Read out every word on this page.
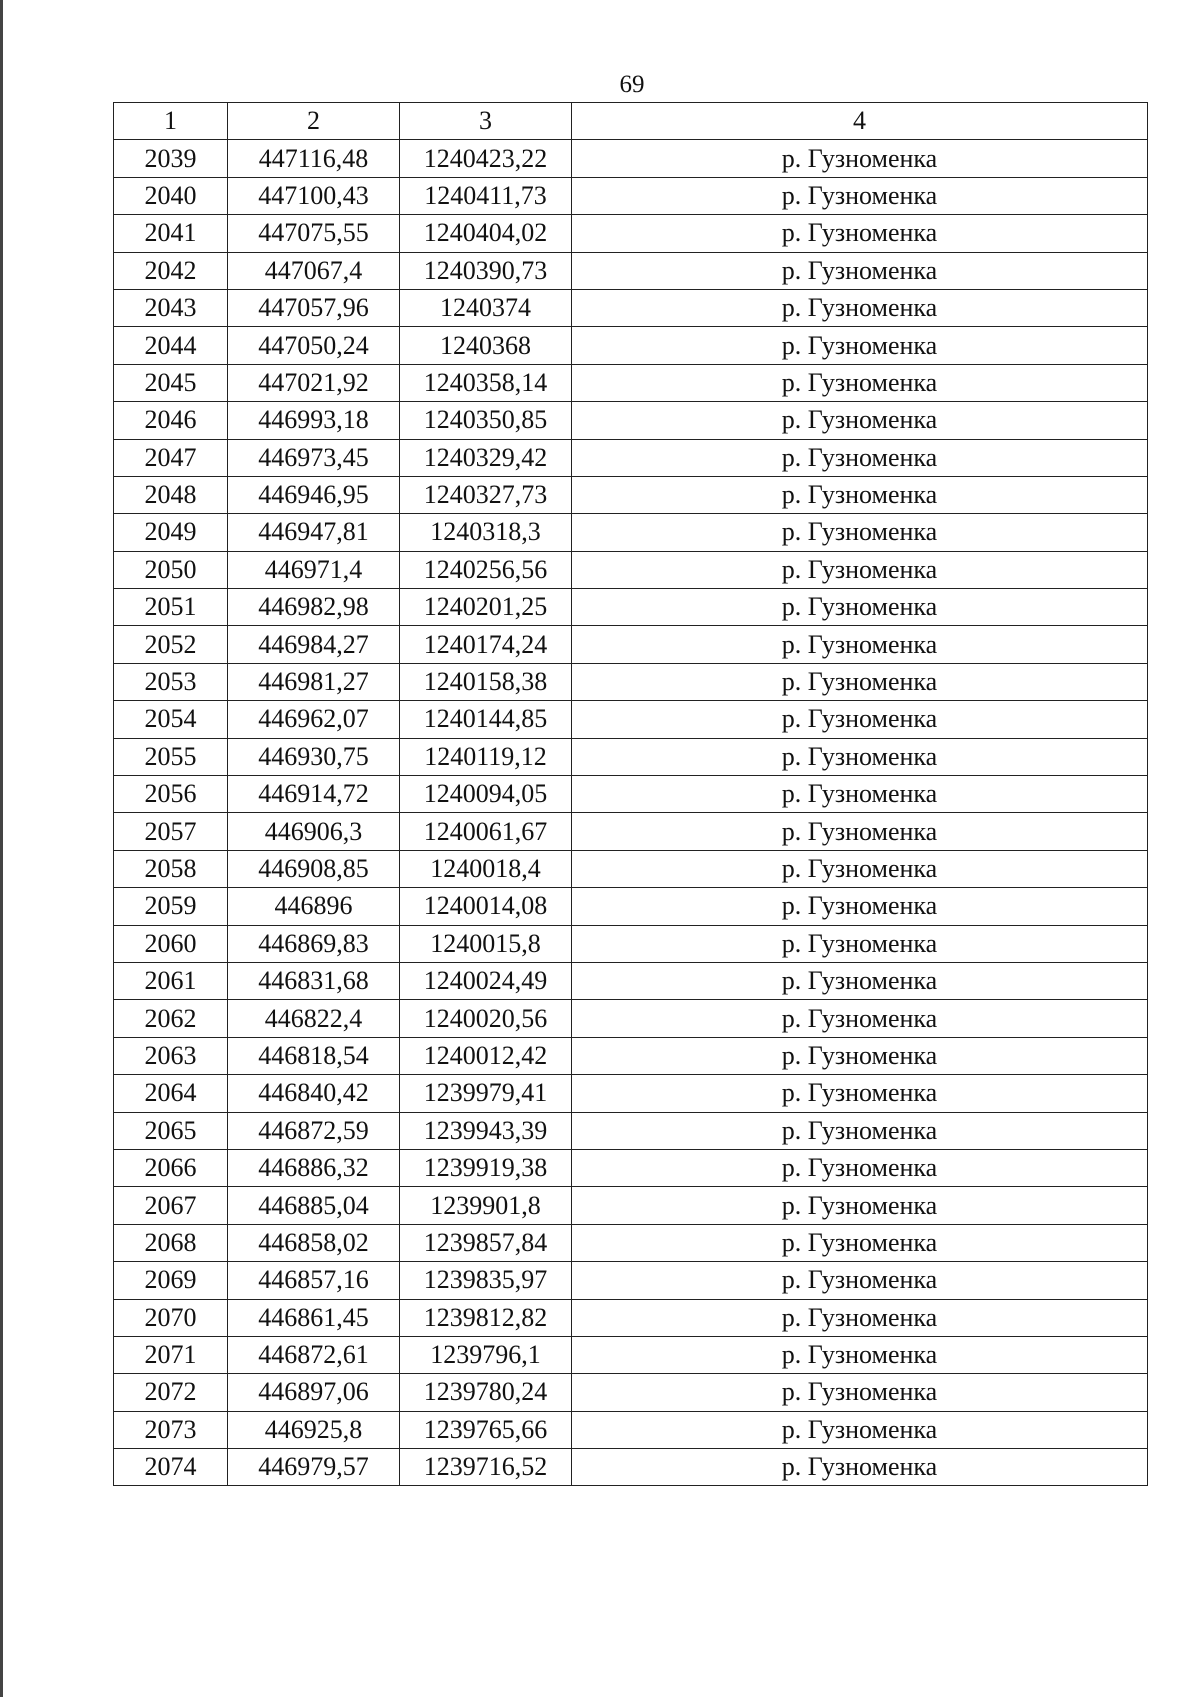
69
1	2	3	4
2039	447116,48	1240423,22	р. Гузноменка
2040	447100,43	1240411,73	р. Гузноменка
2041	447075,55	1240404,02	р. Гузноменка
2042	447067,4	1240390,73	р. Гузноменка
2043	447057,96	1240374	р. Гузноменка
2044	447050,24	1240368	р. Гузноменка
2045	447021,92	1240358,14	р. Гузноменка
2046	446993,18	1240350,85	р. Гузноменка
2047	446973,45	1240329,42	р. Гузноменка
2048	446946,95	1240327,73	р. Гузноменка
2049	446947,81	1240318,3	р. Гузноменка
2050	446971,4	1240256,56	р. Гузноменка
2051	446982,98	1240201,25	р. Гузноменка
2052	446984,27	1240174,24	р. Гузноменка
2053	446981,27	1240158,38	р. Гузноменка
2054	446962,07	1240144,85	р. Гузноменка
2055	446930,75	1240119,12	р. Гузноменка
2056	446914,72	1240094,05	р. Гузноменка
2057	446906,3	1240061,67	р. Гузноменка
2058	446908,85	1240018,4	р. Гузноменка
2059	446896	1240014,08	р. Гузноменка
2060	446869,83	1240015,8	р. Гузноменка
2061	446831,68	1240024,49	р. Гузноменка
2062	446822,4	1240020,56	р. Гузноменка
2063	446818,54	1240012,42	р. Гузноменка
2064	446840,42	1239979,41	р. Гузноменка
2065	446872,59	1239943,39	р. Гузноменка
2066	446886,32	1239919,38	р. Гузноменка
2067	446885,04	1239901,8	р. Гузноменка
2068	446858,02	1239857,84	р. Гузноменка
2069	446857,16	1239835,97	р. Гузноменка
2070	446861,45	1239812,82	р. Гузноменка
2071	446872,61	1239796,1	р. Гузноменка
2072	446897,06	1239780,24	р. Гузноменка
2073	446925,8	1239765,66	р. Гузноменка
2074	446979,57	1239716,52	р. Гузноменка
